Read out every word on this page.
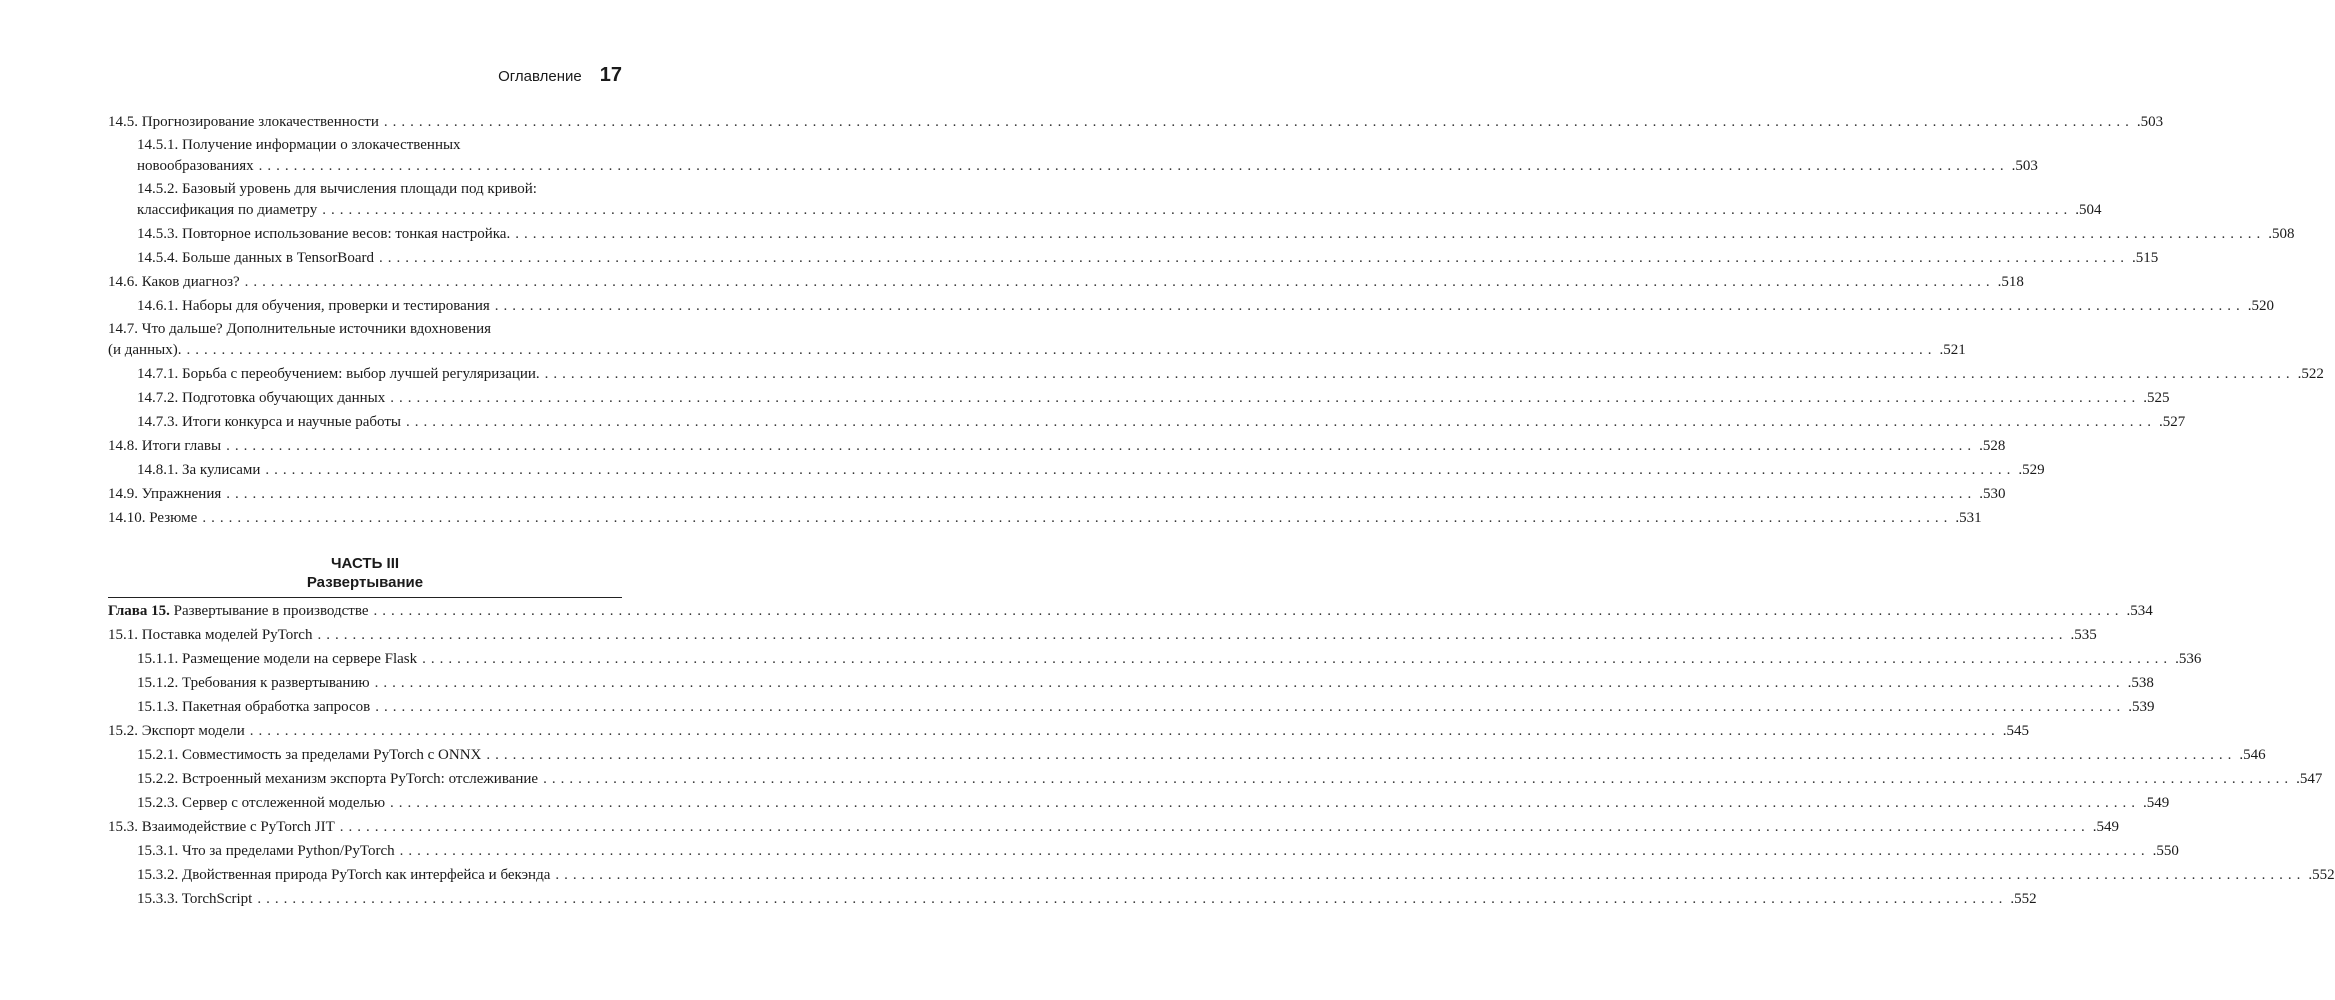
Оглавление 17
14.5. Прогнозирование злокачественности ........................................................................................................................................................................................................ .503
14.5.1. Получение информации о злокачественных
новообразованиях ........................................................................................................................................................................................................ .503
14.5.2. Базовый уровень для вычисления площади под кривой:
классификация по диаметру ........................................................................................................................................................................................................ .504
14.5.3. Повторное использование весов: тонкая настройка. ........................................................................................................................................................................................................ .508
14.5.4. Больше данных в TensorBoard ........................................................................................................................................................................................................ .515
14.6. Каков диагноз? ........................................................................................................................................................................................................ .518
14.6.1. Наборы для обучения, проверки и тестирования ........................................................................................................................................................................................................ .520
14.7. Что дальше? Дополнительные источники вдохновения
(и данных). ........................................................................................................................................................................................................ .521
14.7.1. Борьба с переобучением: выбор лучшей регуляризации. ........................................................................................................................................................................................................ .522
14.7.2. Подготовка обучающих данных ........................................................................................................................................................................................................ .525
14.7.3. Итоги конкурса и научные работы ........................................................................................................................................................................................................ .527
14.8. Итоги главы ........................................................................................................................................................................................................ .528
14.8.1. За кулисами ........................................................................................................................................................................................................ .529
14.9. Упражнения ........................................................................................................................................................................................................ .530
14.10. Резюме ........................................................................................................................................................................................................ .531
ЧАСТЬ III
Развертывание
Глава 15. Развертывание в производстве ........................................................................................................................................................................................................ .534
15.1. Поставка моделей PyTorch ........................................................................................................................................................................................................ .535
15.1.1. Размещение модели на сервере Flask ........................................................................................................................................................................................................ .536
15.1.2. Требования к развертыванию ........................................................................................................................................................................................................ .538
15.1.3. Пакетная обработка запросов ........................................................................................................................................................................................................ .539
15.2. Экспорт модели ........................................................................................................................................................................................................ .545
15.2.1. Совместимость за пределами PyTorch с ONNX ........................................................................................................................................................................................................ .546
15.2.2. Встроенный механизм экспорта PyTorch: отслеживание ........................................................................................................................................................................................................ .547
15.2.3. Сервер с отслеженной моделью ........................................................................................................................................................................................................ .549
15.3. Взаимодействие с PyTorch JIT ........................................................................................................................................................................................................ .549
15.3.1. Что за пределами Python/PyTorch ........................................................................................................................................................................................................ .550
15.3.2. Двойственная природа PyTorch как интерфейса и бекэнда ........................................................................................................................................................................................................ .552
15.3.3. TorchScript ........................................................................................................................................................................................................ .552
